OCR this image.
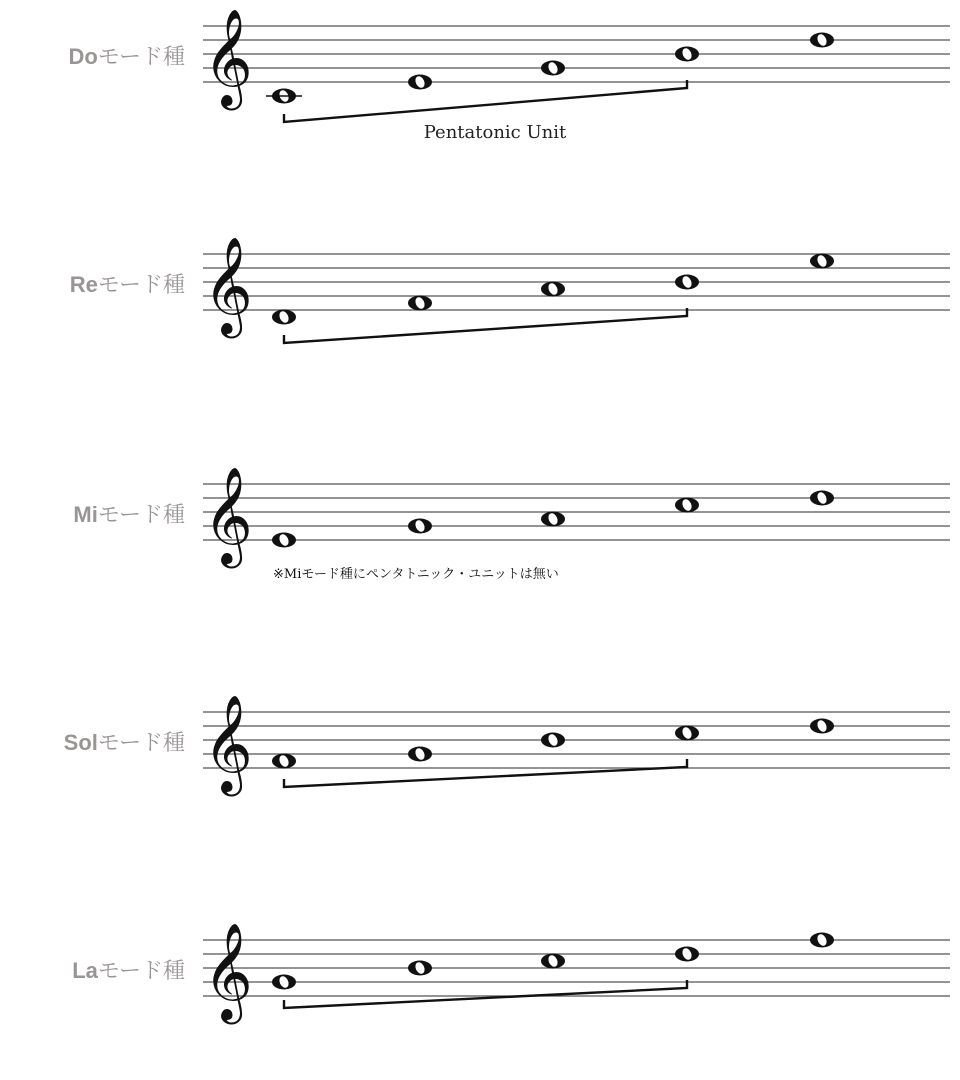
Doモード種 𝄞
Pentatonic Unit
Reモード種 𝄞
Miモード種 𝄞
※Miモード種にペンタトニック・ユニットは無い
Solモード種 𝄞
Laモード種 𝄞
